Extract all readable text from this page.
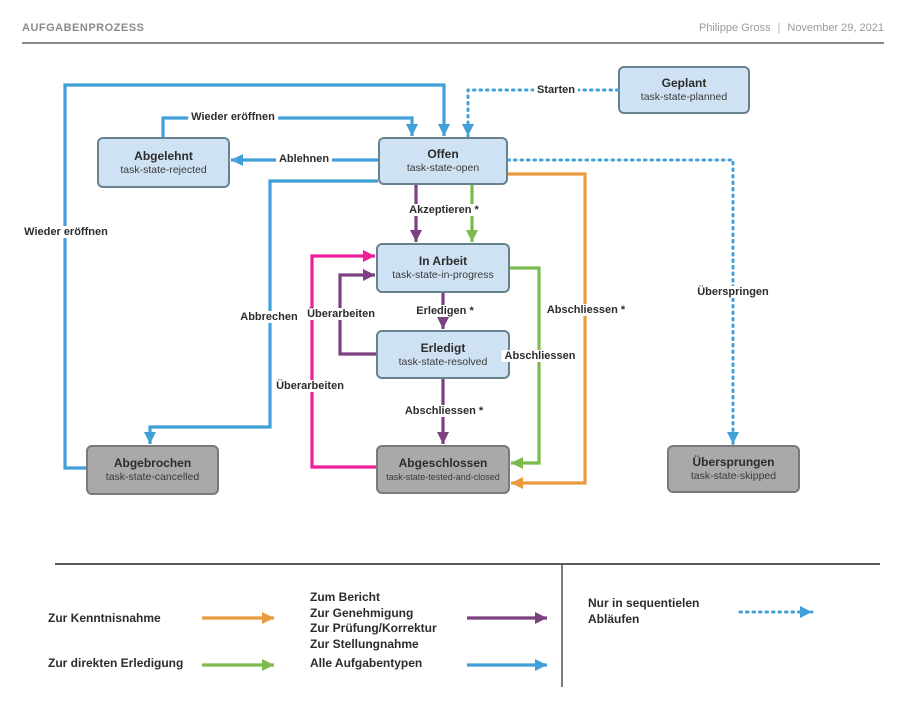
AUFGABENPROZESS	Philippe Gross | November 29, 2021
Geplant
task-state-planned
Offen
task-state-open
Abgelehnt
task-state-rejected
In Arbeit
task-state-in-progress
Erledigt
task-state-resolved
Abgeschlossen
task-state-tested-and-closed
Abgebrochen
task-state-cancelled
Übersprungen
task-state-skipped
Starten
Wieder eröffnen
Wieder eröffnen
Ablehnen
Abbrechen
Akzeptieren *
Erledigen *
Abschliessen *
Abschliessen
Abschliessen *
Überarbeiten
Überarbeiten
Überspringen
Zur Kenntnisnahme
Zur direkten Erledigung
Zum Bericht
Zur Genehmigung
Zur Prüfung/Korrektur
Zur Stellungnahme
Alle Aufgabentypen
Nur in sequentielen
Abläufen
